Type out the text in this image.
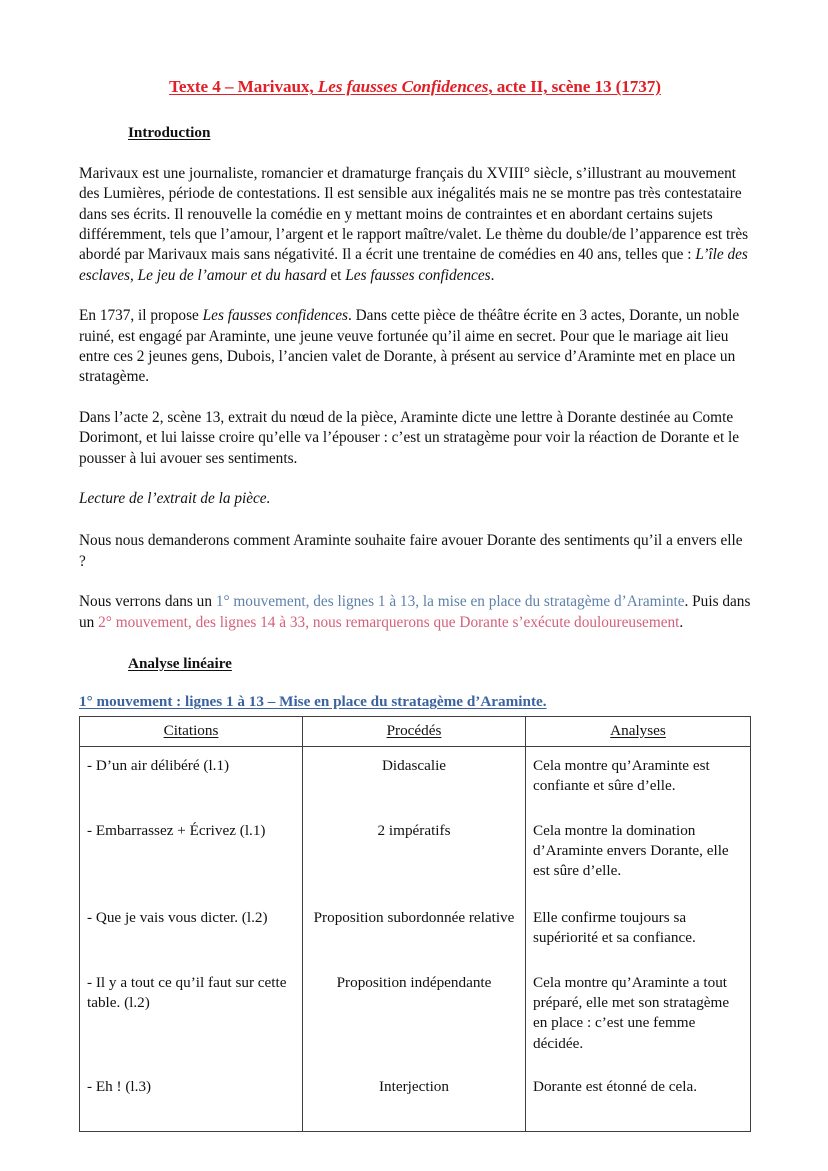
Texte 4 – Marivaux, Les fausses Confidences, acte II, scène 13 (1737)
Introduction

Marivaux est une journaliste, romancier et dramaturge français du XVIII° siècle, s’illustrant au mouvement des Lumières, période de contestations. Il est sensible aux inégalités mais ne se montre pas très contestataire dans ses écrits. Il renouvelle la comédie en y mettant moins de contraintes et en abordant certains sujets différemment, tels que l’amour, l’argent et le rapport maître/valet. Le thème du double/de l’apparence est très abordé par Marivaux mais sans négativité. Il a écrit une trentaine de comédies en 40 ans, telles que : L’île des esclaves, Le jeu de l’amour et du hasard et Les fausses confidences.

En 1737, il propose Les fausses confidences. Dans cette pièce de théâtre écrite en 3 actes, Dorante, un noble ruiné, est engagé par Araminte, une jeune veuve fortunée qu’il aime en secret. Pour que le mariage ait lieu entre ces 2 jeunes gens, Dubois, l’ancien valet de Dorante, à présent au service d’Araminte met en place un stratagème.

Dans l’acte 2, scène 13, extrait du nœud de la pièce, Araminte dicte une lettre à Dorante destinée au Comte Dorimont, et lui laisse croire qu’elle va l’épouser : c’est un stratagème pour voir la réaction de Dorante et le pousser à lui avouer ses sentiments.

Lecture de l’extrait de la pièce.

Nous nous demanderons comment Araminte souhaite faire avouer Dorante des sentiments qu’il a envers elle ?

Nous verrons dans un 1° mouvement, des lignes 1 à 13, la mise en place du stratagème d’Araminte. Puis dans un 2° mouvement, des lignes 14 à 33, nous remarquerons que Dorante s’exécute douloureusement.

Analyse linéaire
1° mouvement : lignes 1 à 13 – Mise en place du stratagème d’Araminte.
Citations	Procédés	Analyses
- D’un air délibéré (l.1)	Didascalie	Cela montre qu’Araminte est confiante et sûre d’elle.
- Embarrassez + Écrivez (l.1)	2 impératifs	Cela montre la domination d’Araminte envers Dorante, elle est sûre d’elle.
- Que je vais vous dicter. (l.2)	Proposition subordonnée relative	Elle confirme toujours sa supériorité et sa confiance.
- Il y a tout ce qu’il faut sur cette table. (l.2)	Proposition indépendante	Cela montre qu’Araminte a tout préparé, elle met son stratagème en place : c’est une femme décidée.
- Eh ! (l.3)	Interjection	Dorante est étonné de cela.
